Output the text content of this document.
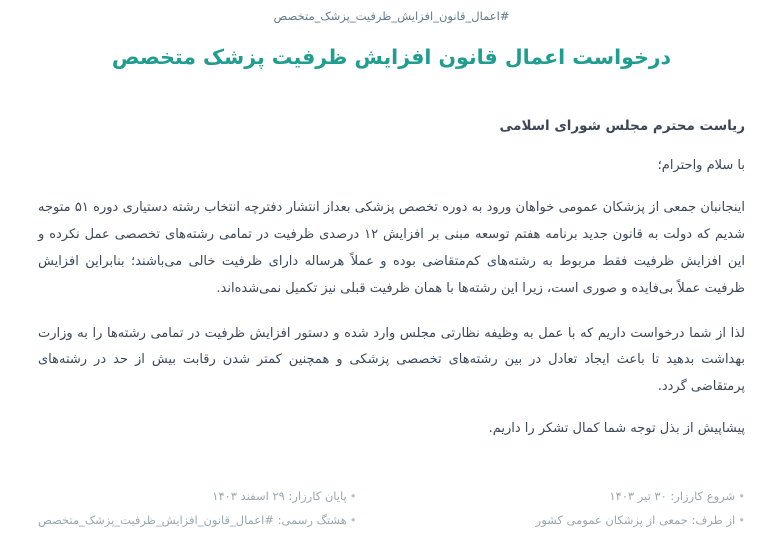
#اعمال_قانون_افزایش_ظرفیت_پزشک_متخصص
درخواست اعمال قانون افزایش ظرفیت پزشک متخصص
ریاست محترم مجلس شورای اسلامی
با سلام واحترام؛

اینجانبان جمعی از پزشکان عمومی خواهان ورود به دوره تخصص پزشکی بعداز انتشار دفترچه انتخاب رشته دستیاری دوره ۵۱ متوجه شدیم که دولت به قانون جدید برنامه هفتم توسعه مبنی بر افزایش ۱۲ درصدی ظرفیت در تمامی رشته‌های تخصصی عمل نکرده و این افزایش ظرفیت فقط مربوط به رشته‌های کم‌متقاضی بوده و عملاً هرساله دارای ظرفیت خالی می‌باشند؛ بنابراین افزایش ظرفیت عملاً بی‌فایده و صوری است، زیرا این رشته‌ها با همان ظرفیت قبلی نیز تکمیل نمی‌شده‌اند.

لذا از شما درخواست داریم که با عمل به وظیفه نظارتی مجلس وارد شده و دستور افزایش ظرفیت در تمامی رشته‌ها را به وزارت بهداشت بدهید تا باعث ایجاد تعادل در بین رشته‌های تخصصی پزشکی و همچنین کمتر شدن رقابت بیش از حد در رشته‌های پرمتقاضی گردد.

پیشاپیش از بذل توجه شما کمال تشکر را داریم.
•شروع کارزار: ۳۰ تیر ۱۴۰۳
•از طرف: جمعی از پزشکان عمومی کشور
•پایان کارزار: ۲۹ اسفند ۱۴۰۳
•هشتگ رسمی: #اعمال_قانون_افزایش_ظرفیت_پزشک_متخصص
